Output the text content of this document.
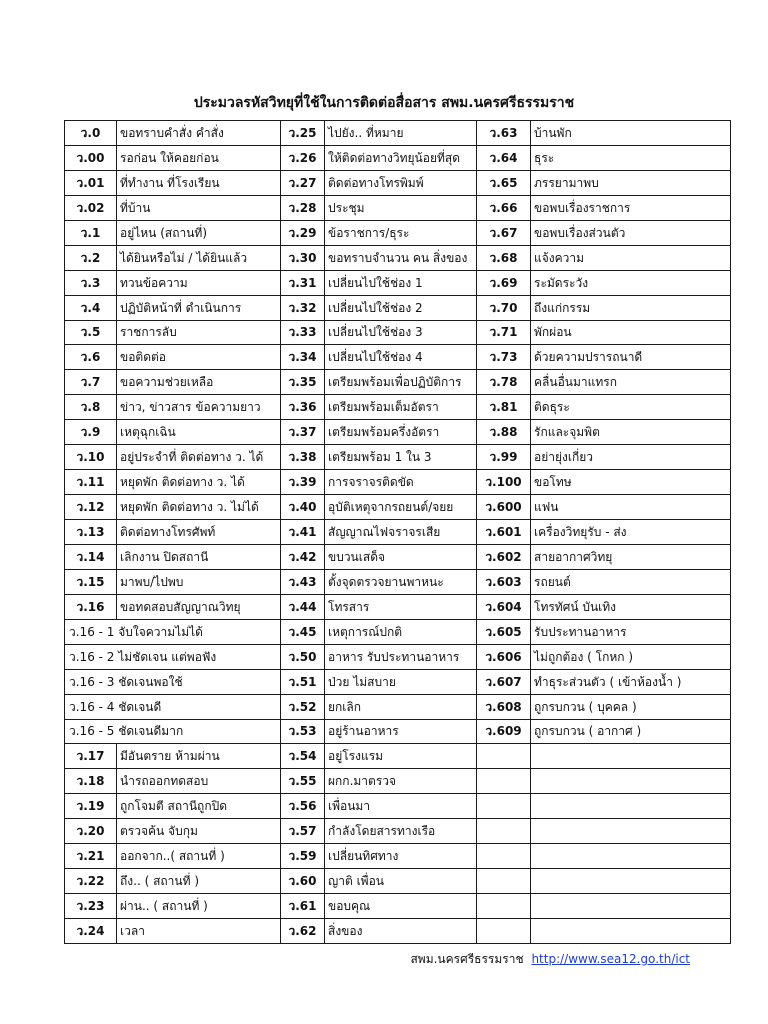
ประมวลรหัสวิทยุที่ใช้ในการติดต่อสื่อสาร สพม.นครศรีธรรมราช
ว.0	ขอทราบคำสั่ง คำสั่ง	ว.25	ไปยัง.. ที่หมาย	ว.63	บ้านพัก
ว.00	รอก่อน ให้คอยก่อน	ว.26	ให้ติดต่อทางวิทยุน้อยที่สุด	ว.64	ธุระ
ว.01	ที่ทำงาน ที่โรงเรียน	ว.27	ติดต่อทางโทรพิมพ์	ว.65	ภรรยามาพบ
ว.02	ที่บ้าน	ว.28	ประชุม	ว.66	ขอพบเรื่องราชการ
ว.1	อยู่ไหน (สถานที่)	ว.29	ข้อราชการ/ธุระ	ว.67	ขอพบเรื่องส่วนตัว
ว.2	ได้ยินหรือไม่ / ได้ยินแล้ว	ว.30	ขอทราบจำนวน คน สิ่งของ	ว.68	แจ้งความ
ว.3	ทวนข้อความ	ว.31	เปลี่ยนไปใช้ช่อง 1	ว.69	ระมัดระวัง
ว.4	ปฏิบัติหน้าที่ ดำเนินการ	ว.32	เปลี่ยนไปใช้ช่อง 2	ว.70	ถึงแก่กรรม
ว.5	ราชการลับ	ว.33	เปลี่ยนไปใช้ช่อง 3	ว.71	พักผ่อน
ว.6	ขอติดต่อ	ว.34	เปลี่ยนไปใช้ช่อง 4	ว.73	ด้วยความปรารถนาดี
ว.7	ขอความช่วยเหลือ	ว.35	เตรียมพร้อมเพื่อปฏิบัติการ	ว.78	คลื่นอื่นมาแทรก
ว.8	ข่าว, ข่าวสาร ข้อความยาว	ว.36	เตรียมพร้อมเต็มอัตรา	ว.81	ติดธุระ
ว.9	เหตุฉุกเฉิน	ว.37	เตรียมพร้อมครึ่งอัตรา	ว.88	รักและจุมพิต
ว.10	อยู่ประจำที่ ติดต่อทาง ว. ได้	ว.38	เตรียมพร้อม 1 ใน 3	ว.99	อย่ายุ่งเกี่ยว
ว.11	หยุดพัก ติดต่อทาง ว. ได้	ว.39	การจราจรติดขัด	ว.100	ขอโทษ
ว.12	หยุดพัก ติดต่อทาง ว. ไม่ได้	ว.40	อุบัติเหตุจากรถยนต์/จยย	ว.600	แฟน
ว.13	ติดต่อทางโทรศัพท์	ว.41	สัญญาณไฟจราจรเสีย	ว.601	เครื่องวิทยุรับ - ส่ง
ว.14	เลิกงาน ปิดสถานี	ว.42	ขบวนเสด็จ	ว.602	สายอากาศวิทยุ
ว.15	มาพบ/ไปพบ	ว.43	ตั้งจุดตรวจยานพาหนะ	ว.603	รถยนต์
ว.16	ขอทดสอบสัญญาณวิทยุ	ว.44	โทรสาร	ว.604	โทรทัศน์ บันเทิง
ว.16 - 1 จับใจความไม่ได้		ว.45	เหตุการณ์ปกติ	ว.605	รับประทานอาหาร
ว.16 - 2 ไม่ชัดเจน แต่พอฟัง		ว.50	อาหาร รับประทานอาหาร	ว.606	ไม่ถูกต้อง ( โกหก )
ว.16 - 3 ชัดเจนพอใช้		ว.51	ป่วย ไม่สบาย	ว.607	ทำธุระส่วนตัว ( เข้าห้องน้ำ )
ว.16 - 4 ชัดเจนดี		ว.52	ยกเลิก	ว.608	ถูกรบกวน ( บุคคล )
ว.16 - 5 ชัดเจนดีมาก		ว.53	อยู่ร้านอาหาร	ว.609	ถูกรบกวน ( อากาศ )
ว.17	มีอันตราย ห้ามผ่าน	ว.54	อยู่โรงแรม		
ว.18	นำรถออกทดสอบ	ว.55	ผกก.มาตรวจ		
ว.19	ถูกโจมตี สถานีถูกปิด	ว.56	เพื่อนมา		
ว.20	ตรวจค้น จับกุม	ว.57	กำลังโดยสารทางเรือ		
ว.21	ออกจาก..( สถานที่ )	ว.59	เปลี่ยนทิศทาง		
ว.22	ถึง.. ( สถานที่ )	ว.60	ญาติ เพื่อน		
ว.23	ผ่าน.. ( สถานที่ )	ว.61	ขอบคุณ		
ว.24	เวลา	ว.62	สิ่งของ		
สพม.นครศรีธรรมราช http://www.sea12.go.th/ict
